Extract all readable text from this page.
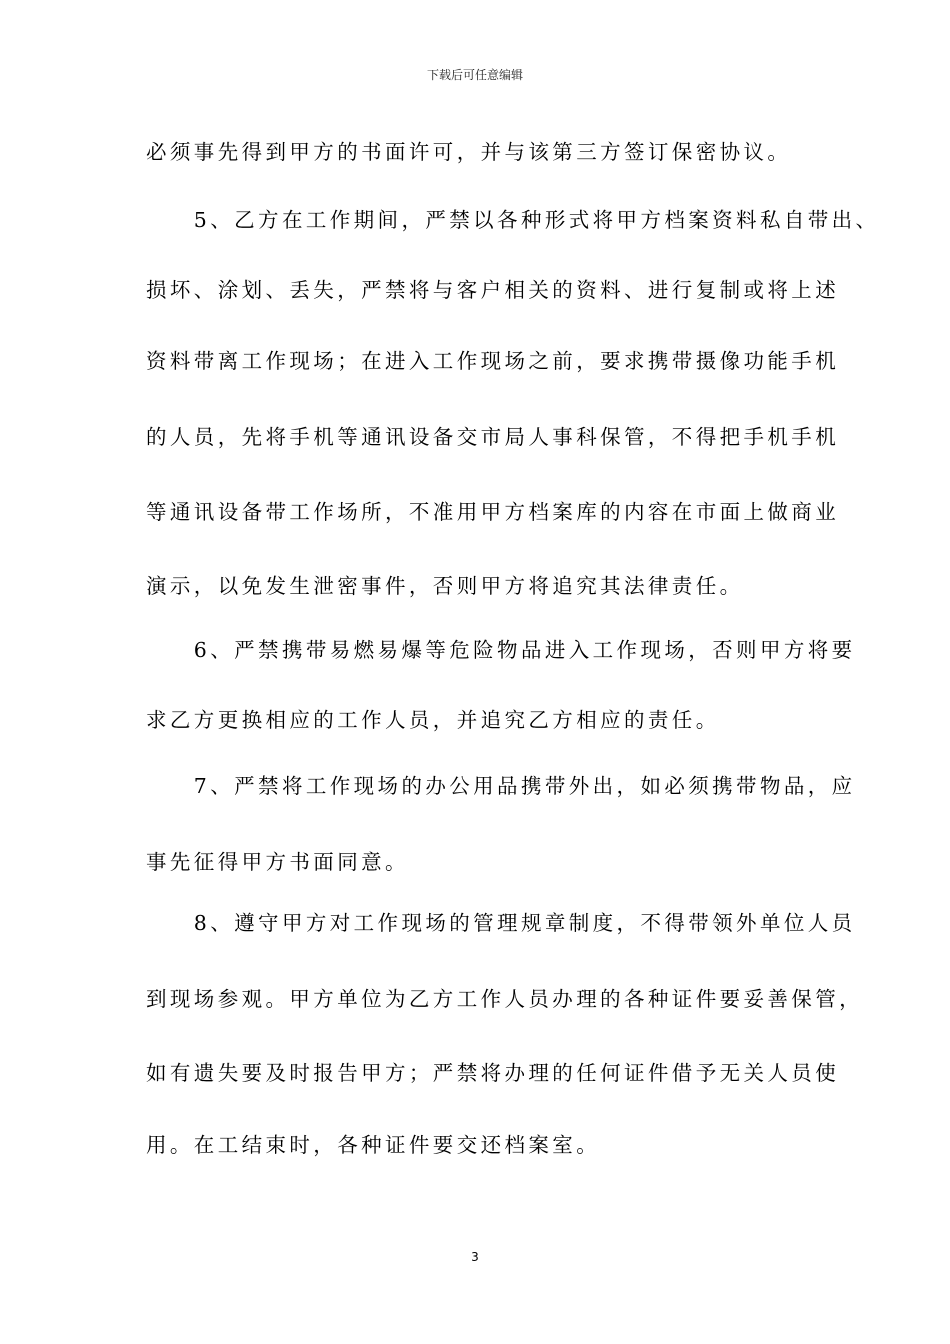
下载后可任意编辑
必须事先得到甲方的书面许可，并与该第三方签订保密协议。
　　5、乙方在工作期间，严禁以各种形式将甲方档案资料私自带出、
损坏、涂划、丢失，严禁将与客户相关的资料、进行复制或将上述
资料带离工作现场；在进入工作现场之前，要求携带摄像功能手机
的人员，先将手机等通讯设备交市局人事科保管，不得把手机手机
等通讯设备带工作场所，不准用甲方档案库的内容在市面上做商业
演示，以免发生泄密事件，否则甲方将追究其法律责任。
　　6、严禁携带易燃易爆等危险物品进入工作现场，否则甲方将要
求乙方更换相应的工作人员，并追究乙方相应的责任。
　　7、严禁将工作现场的办公用品携带外出，如必须携带物品，应
事先征得甲方书面同意。
　　8、遵守甲方对工作现场的管理规章制度，不得带领外单位人员
到现场参观。甲方单位为乙方工作人员办理的各种证件要妥善保管，
如有遗失要及时报告甲方；严禁将办理的任何证件借予无关人员使
用。在工结束时，各种证件要交还档案室。
3
